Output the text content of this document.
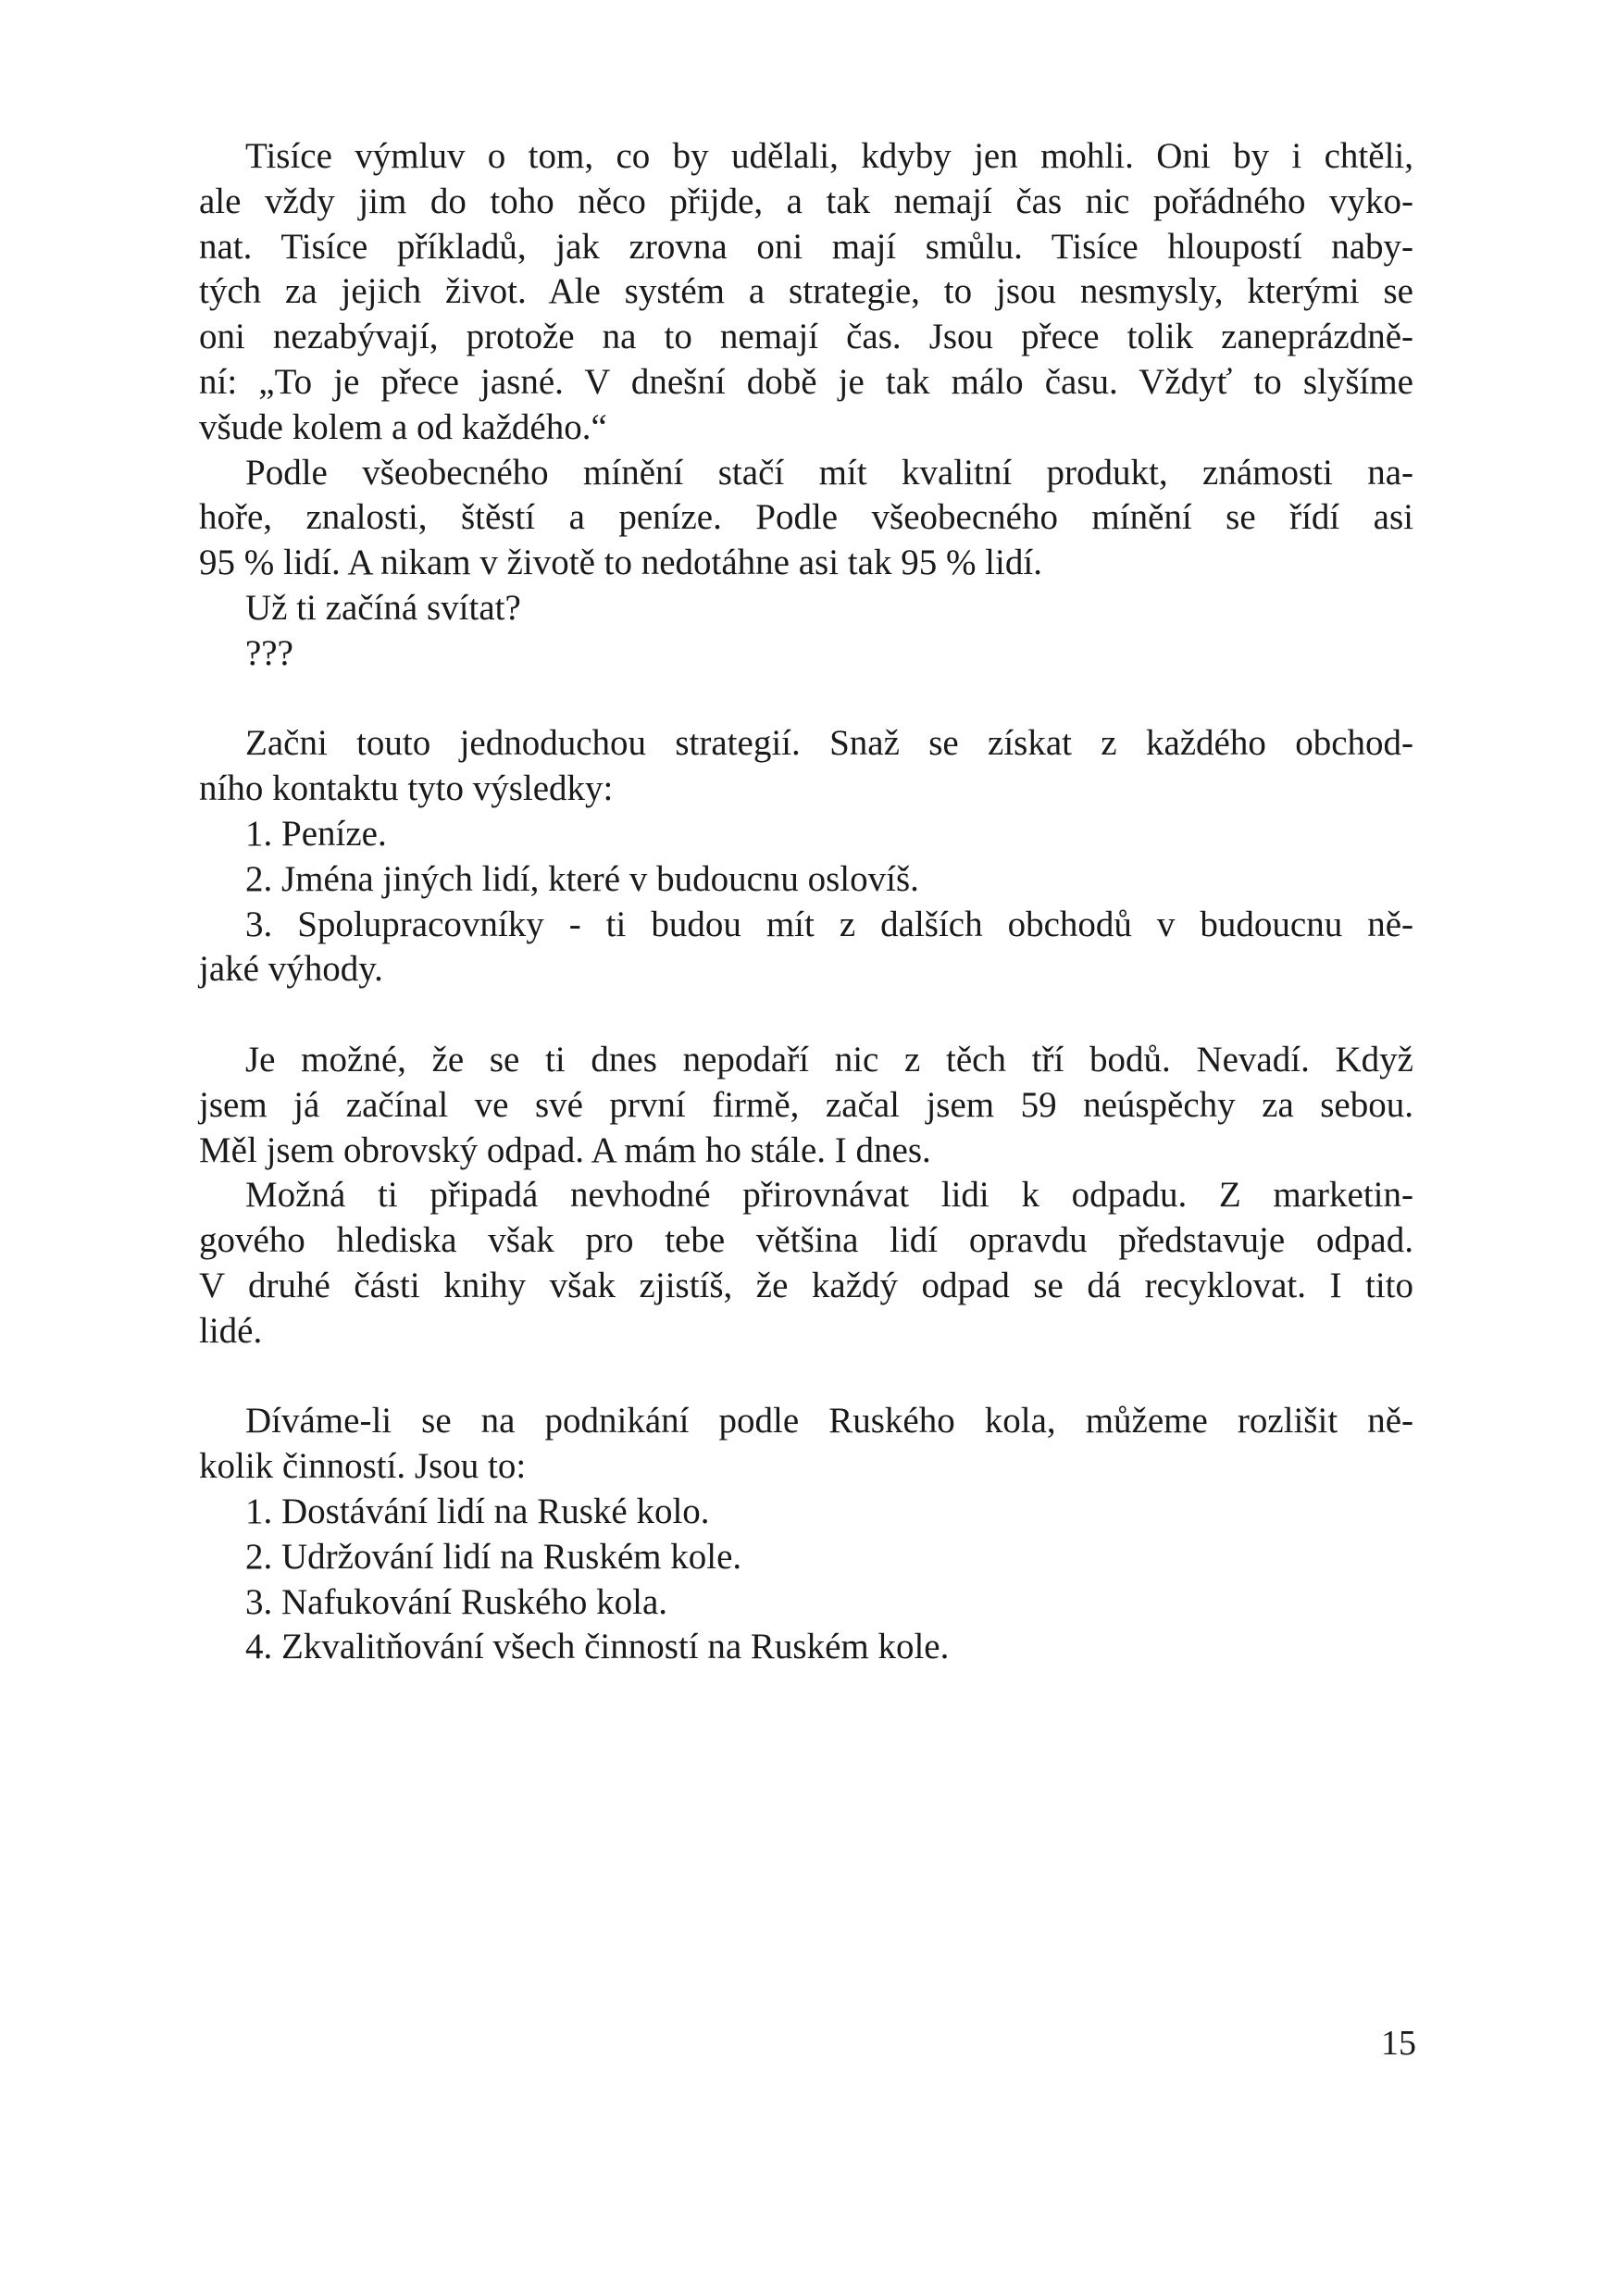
Tisíce výmluv o tom, co by udělali, kdyby jen mohli. Oni by i chtěli,
ale vždy jim do toho něco přijde, a tak nemají čas nic pořádného vyko-
nat. Tisíce příkladů, jak zrovna oni mají smůlu. Tisíce hloupostí naby-
tých za jejich život. Ale systém a strategie, to jsou nesmysly, kterými se
oni nezabývají, protože na to nemají čas. Jsou přece tolik zaneprázdně-
ní: „To je přece jasné. V dnešní době je tak málo času. Vždyť to slyšíme
všude kolem a od každého.“
Podle všeobecného mínění stačí mít kvalitní produkt, známosti na-
hoře, znalosti, štěstí a peníze. Podle všeobecného mínění se řídí asi
95 % lidí. A nikam v životě to nedotáhne asi tak 95 % lidí.
Už ti začíná svítat?
???
Začni touto jednoduchou strategií. Snaž se získat z každého obchod-
ního kontaktu tyto výsledky:
1. Peníze.
2. Jména jiných lidí, které v budoucnu oslovíš.
3. Spolupracovníky - ti budou mít z dalších obchodů v budoucnu ně-
jaké výhody.
Je možné, že se ti dnes nepodaří nic z těch tří bodů. Nevadí. Když
jsem já začínal ve své první firmě, začal jsem 59 neúspěchy za sebou.
Měl jsem obrovský odpad. A mám ho stále. I dnes.
Možná ti připadá nevhodné přirovnávat lidi k odpadu. Z marketin-
gového hlediska však pro tebe většina lidí opravdu představuje odpad.
V druhé části knihy však zjistíš, že každý odpad se dá recyklovat. I tito
lidé.
Díváme-li se na podnikání podle Ruského kola, můžeme rozlišit ně-
kolik činností. Jsou to:
1. Dostávání lidí na Ruské kolo.
2. Udržování lidí na Ruském kole.
3. Nafukování Ruského kola.
4. Zkvalitňování všech činností na Ruském kole.
15
